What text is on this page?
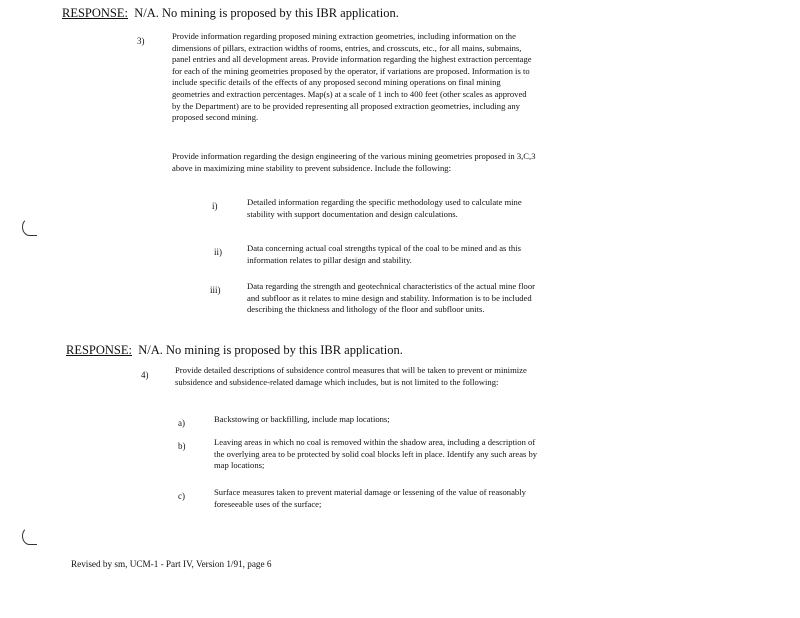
RESPONSE: N/A. No mining is proposed by this IBR application.
3)	Provide information regarding proposed mining extraction geometries, including information on the dimensions of pillars, extraction widths of rooms, entries, and crosscuts, etc., for all mains, submains, panel entries and all development areas. Provide information regarding the highest extraction percentage for each of the mining geometries proposed by the operator, if variations are proposed. Information is to include specific details of the effects of any proposed second mining operations on final mining geometries and extraction percentages. Map(s) at a scale of 1 inch to 400 feet (other scales as approved by the Department) are to be provided representing all proposed extraction geometries, including any proposed second mining.
Provide information regarding the design engineering of the various mining geometries proposed in 3,C,3 above in maximizing mine stability to prevent subsidence. Include the following:
i)	Detailed information regarding the specific methodology used to calculate mine stability with support documentation and design calculations.
ii)	Data concerning actual coal strengths typical of the coal to be mined and as this information relates to pillar design and stability.
iii)	Data regarding the strength and geotechnical characteristics of the actual mine floor and subfloor as it relates to mine design and stability. Information is to be included describing the thickness and lithology of the floor and subfloor units.
RESPONSE: N/A. No mining is proposed by this IBR application.
4)	Provide detailed descriptions of subsidence control measures that will be taken to prevent or minimize subsidence and subsidence-related damage which includes, but is not limited to the following:
a)	Backstowing or backfilling, include map locations;
b)	Leaving areas in which no coal is removed within the shadow area, including a description of the overlying area to be protected by solid coal blocks left in place. Identify any such areas by map locations;
c)	Surface measures taken to prevent material damage or lessening of the value of reasonably foreseeable uses of the surface;
Revised by sm, UCM-1 - Part IV, Version 1/91, page 6
